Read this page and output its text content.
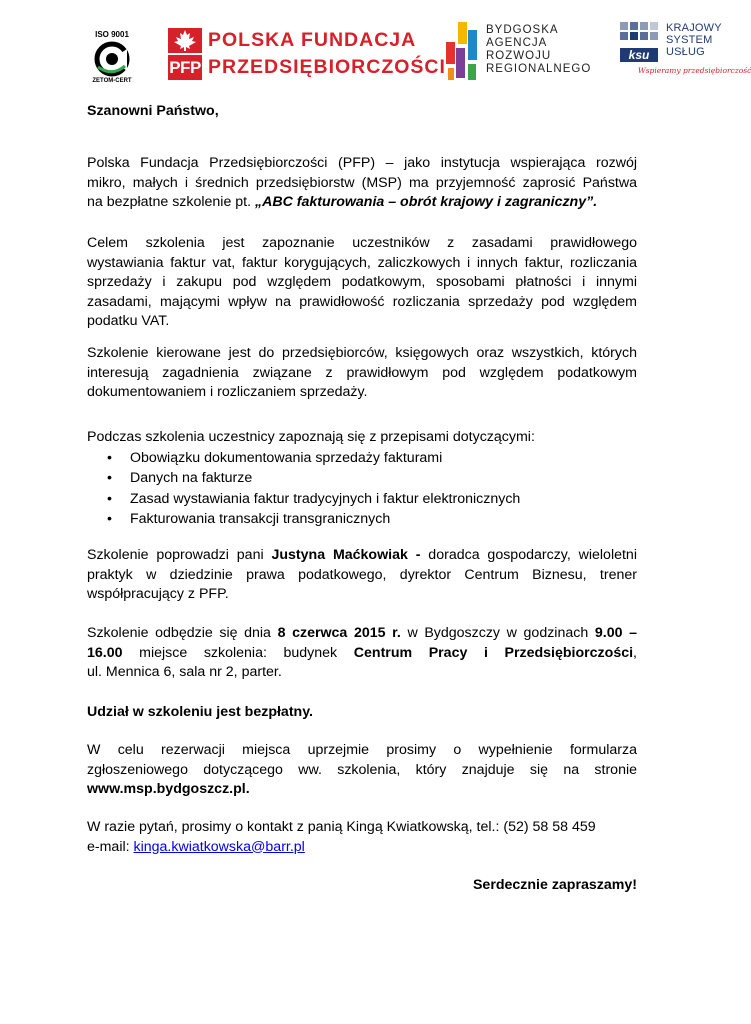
ISO 9001
ZETOM-CERT
PFP
POLSKA FUNDACJA
PRZEDSIĘBIORCZOŚCI
BYDGOSKA
AGENCJA
ROZWOJU
REGIONALNEGO
ksu
KRAJOWY
SYSTEM
USŁUG
Wspieramy przedsiębiorczość
Szanowni Państwo,
Polska Fundacja Przedsiębiorczości (PFP) – jako instytucja wspierająca rozwój
mikro, małych i średnich przedsiębiorstw (MSP) ma przyjemność zaprosić Państwa
na bezpłatne szkolenie pt. „ABC fakturowania – obrót krajowy i zagraniczny”.
Celem szkolenia jest zapoznanie uczestników z zasadami prawidłowego
wystawiania faktur vat, faktur korygujących, zaliczkowych i innych faktur, rozliczania
sprzedaży i zakupu pod względem podatkowym, sposobami płatności i innymi
zasadami, mającymi wpływ na prawidłowość rozliczania sprzedaży pod względem
podatku VAT.
Szkolenie kierowane jest do przedsiębiorców, księgowych oraz wszystkich, których
interesują zagadnienia związane z prawidłowym pod względem podatkowym
dokumentowaniem i rozliczaniem sprzedaży.
Podczas szkolenia uczestnicy zapoznają się z przepisami dotyczącymi:
• Obowiązku dokumentowania sprzedaży fakturami
• Danych na fakturze
• Zasad wystawiania faktur tradycyjnych i faktur elektronicznych
• Fakturowania transakcji transgranicznych
Szkolenie poprowadzi pani Justyna Maćkowiak - doradca gospodarczy, wieloletni
praktyk w dziedzinie prawa podatkowego, dyrektor Centrum Biznesu, trener
współpracujący z PFP.
Szkolenie odbędzie się dnia 8 czerwca 2015 r. w Bydgoszczy w godzinach 9.00 –
16.00 miejsce szkolenia: budynek Centrum Pracy i Przedsiębiorczości,
ul. Mennica 6, sala nr 2, parter.
Udział w szkoleniu jest bezpłatny.
W celu rezerwacji miejsca uprzejmie prosimy o wypełnienie formularza
zgłoszeniowego dotyczącego ww. szkolenia, który znajduje się na stronie
www.msp.bydgoszcz.pl.
W razie pytań, prosimy o kontakt z panią Kingą Kwiatkowską, tel.: (52) 58 58 459
e-mail: kinga.kwiatkowska@barr.pl
Serdecznie zapraszamy!
